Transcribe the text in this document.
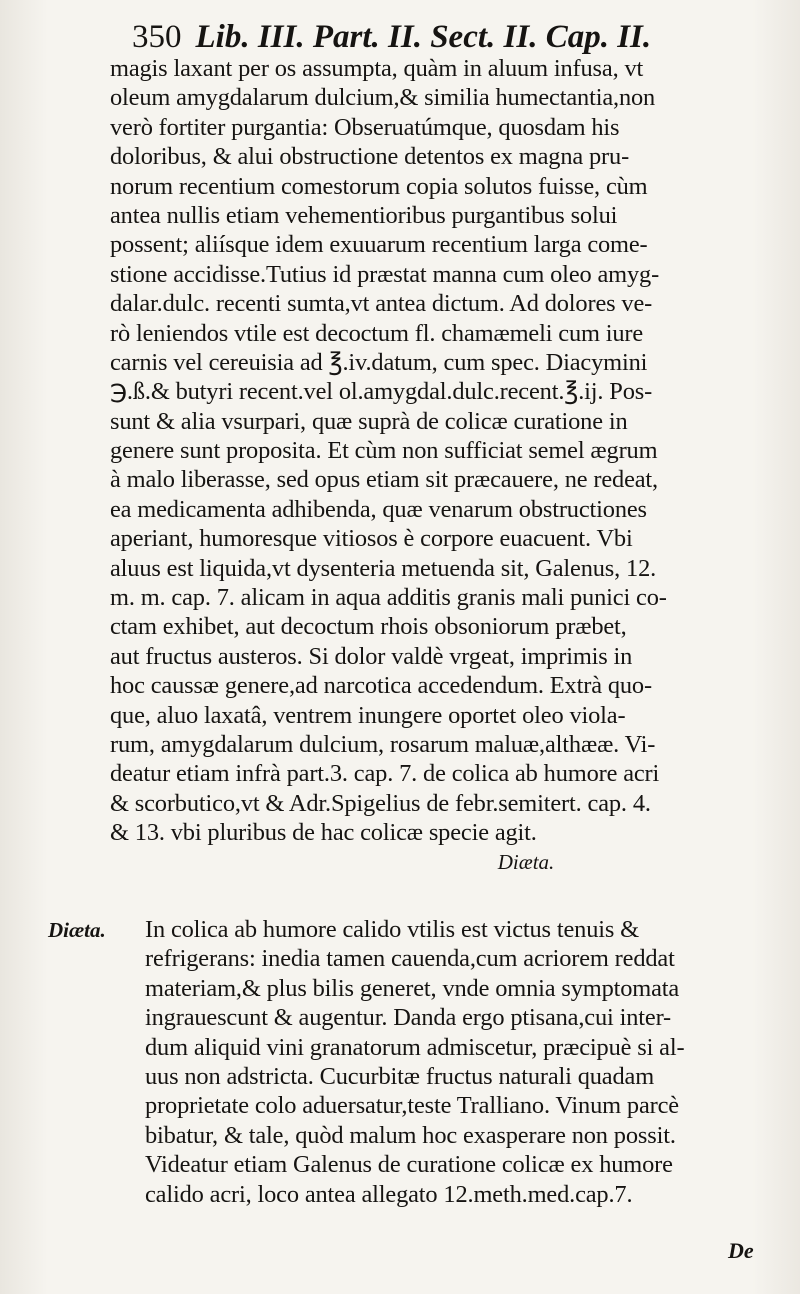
350 Lib. III. Part. II. Sect. II. Cap. II.
magis laxant per os assumpta, quàm in aluum infusa, vt
oleum amygdalarum dulcium,& similia humectantia,non
verò fortiter purgantia: Obseruatúmque, quosdam his
doloribus, & alui obstructione detentos ex magna pru-
norum recentium comestorum copia solutos fuisse, cùm
antea nullis etiam vehementioribus purgantibus solui
possent; aliísque idem exuuarum recentium larga come-
stione accidisse.Tutius id præstat manna cum oleo amyg-
dalar.dulc. recenti sumta,vt antea dictum. Ad dolores ve-
rò leniendos vtile est decoctum fl. chamæmeli cum iure
carnis vel cereuisia ad ℥.iv.datum, cum spec. Diacymini
℈.ß.& butyri recent.vel ol.amygdal.dulc.recent.℥.ij. Pos-
sunt & alia vsurpari, quæ suprà de colicæ curatione in
genere sunt proposita. Et cùm non sufficiat semel ægrum
à malo liberasse, sed opus etiam sit præcauere, ne redeat,
ea medicamenta adhibenda, quæ venarum obstructiones
aperiant, humoresque vitiosos è corpore euacuent. Vbi
aluus est liquida,vt dysenteria metuenda sit, Galenus, 12.
m. m. cap. 7. alicam in aqua additis granis mali punici co-
ctam exhibet, aut decoctum rhois obsoniorum præbet,
aut fructus austeros. Si dolor valdè vrgeat, imprimis in
hoc caussæ genere,ad narcotica accedendum. Extrà quo-
que, aluo laxatâ, ventrem inungere oportet oleo viola-
rum, amygdalarum dulcium, rosarum maluæ,althææ. Vi-
deatur etiam infrà part.3. cap. 7. de colica ab humore acri
& scorbutico,vt & Adr.Spigelius de febr.semitert. cap. 4.
& 13. vbi pluribus de hac colicæ specie agit.
Diæta.
Diæta. In colica ab humore calido vtilis est victus tenuis &
refrigerans: inedia tamen cauenda,cum acriorem reddat
materiam,& plus bilis generet, vnde omnia symptomata
ingrauescunt & augentur. Danda ergo ptisana,cui inter-
dum aliquid vini granatorum admiscetur, præcipuè si al-
uus non adstricta. Cucurbitæ fructus naturali quadam
proprietate colo aduersatur,teste Tralliano. Vinum parcè
bibatur, & tale, quòd malum hoc exasperare non possit.
Videatur etiam Galenus de curatione colicæ ex humore
calido acri, loco antea allegato 12.meth.med.cap.7.
De
